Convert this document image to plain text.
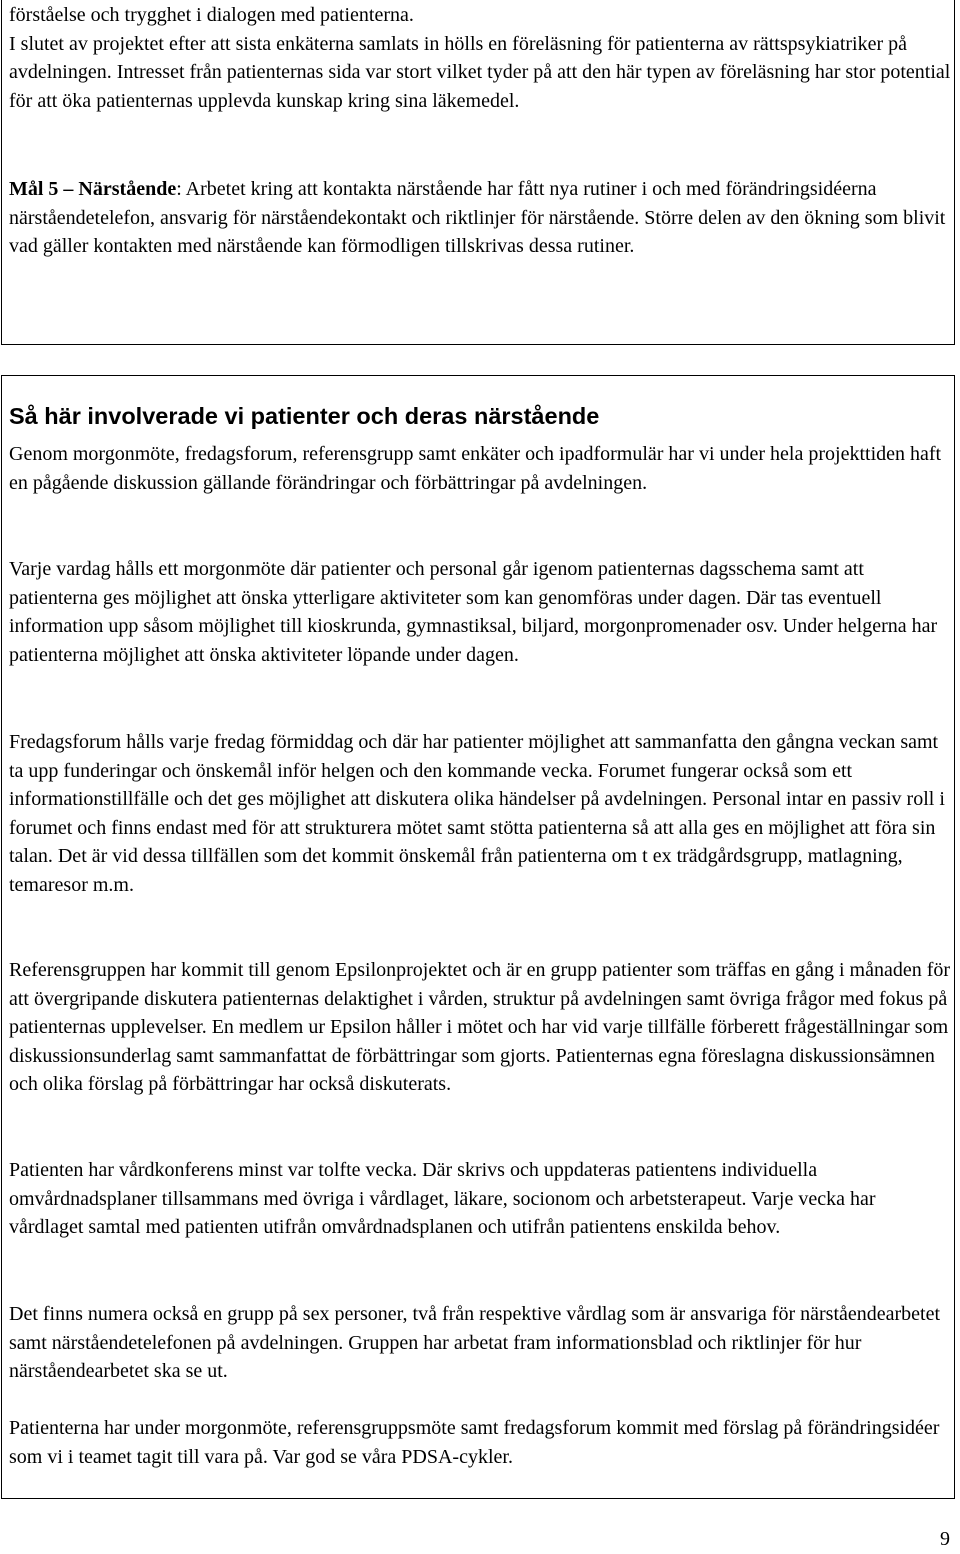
förståelse och trygghet i dialogen med patienterna.

I slutet av projektet efter att sista enkäterna samlats in hölls en föreläsning för patienterna av rättspsykiatriker på avdelningen. Intresset från patienternas sida var stort vilket tyder på att den här typen av föreläsning har stor potential för att öka patienternas upplevda kunskap kring sina läkemedel.

Mål 5 – Närstående: Arbetet kring att kontakta närstående har fått nya rutiner i och med förändringsidéerna närståendetelefon, ansvarig för närståendekontakt och riktlinjer för närstående. Större delen av den ökning som blivit vad gäller kontakten med närstående kan förmodligen tillskrivas dessa rutiner.

Så här involverade vi patienter och deras närstående

Genom morgonmöte, fredagsforum, referensgrupp samt enkäter och ipadformulär har vi under hela projekttiden haft en pågående diskussion gällande förändringar och förbättringar på avdelningen.

Varje vardag hålls ett morgonmöte där patienter och personal går igenom patienternas dagsschema samt att patienterna ges möjlighet att önska ytterligare aktiviteter som kan genomföras under dagen. Där tas eventuell information upp såsom möjlighet till kioskrunda, gymnastiksal, biljard, morgonpromenader osv. Under helgerna har patienterna möjlighet att önska aktiviteter löpande under dagen.

Fredagsforum hålls varje fredag förmiddag och där har patienter möjlighet att sammanfatta den gångna veckan samt ta upp funderingar och önskemål inför helgen och den kommande vecka. Forumet fungerar också som ett informationstillfälle och det ges möjlighet att diskutera olika händelser på avdelningen. Personal intar en passiv roll i forumet och finns endast med för att strukturera mötet samt stötta patienterna så att alla ges en möjlighet att föra sin talan. Det är vid dessa tillfällen som det kommit önskemål från patienterna om t ex trädgårdsgrupp, matlagning, temaresor m.m.

Referensgruppen har kommit till genom Epsilonprojektet och är en grupp patienter som träffas en gång i månaden för att övergripande diskutera patienternas delaktighet i vården, struktur på avdelningen samt övriga frågor med fokus på patienternas upplevelser. En medlem ur Epsilon håller i mötet och har vid varje tillfälle förberett frågeställningar som diskussionsunderlag samt sammanfattat de förbättringar som gjorts. Patienternas egna föreslagna diskussionsämnen och olika förslag på förbättringar har också diskuterats.

Patienten har vårdkonferens minst var tolfte vecka. Där skrivs och uppdateras patientens individuella omvårdnadsplaner tillsammans med övriga i vårdlaget, läkare, socionom och arbetsterapeut. Varje vecka har vårdlaget samtal med patienten utifrån omvårdnadsplanen och utifrån patientens enskilda behov.

Det finns numera också en grupp på sex personer, två från respektive vårdlag som är ansvariga för närståendearbetet samt närståendetelefonen på avdelningen. Gruppen har arbetat fram informationsblad och riktlinjer för hur närståendearbetet ska se ut.

Patienterna har under morgonmöte, referensgruppsmöte samt fredagsforum kommit med förslag på förändringsidéer som vi i teamet tagit till vara på. Var god se våra PDSA-cykler.

9
